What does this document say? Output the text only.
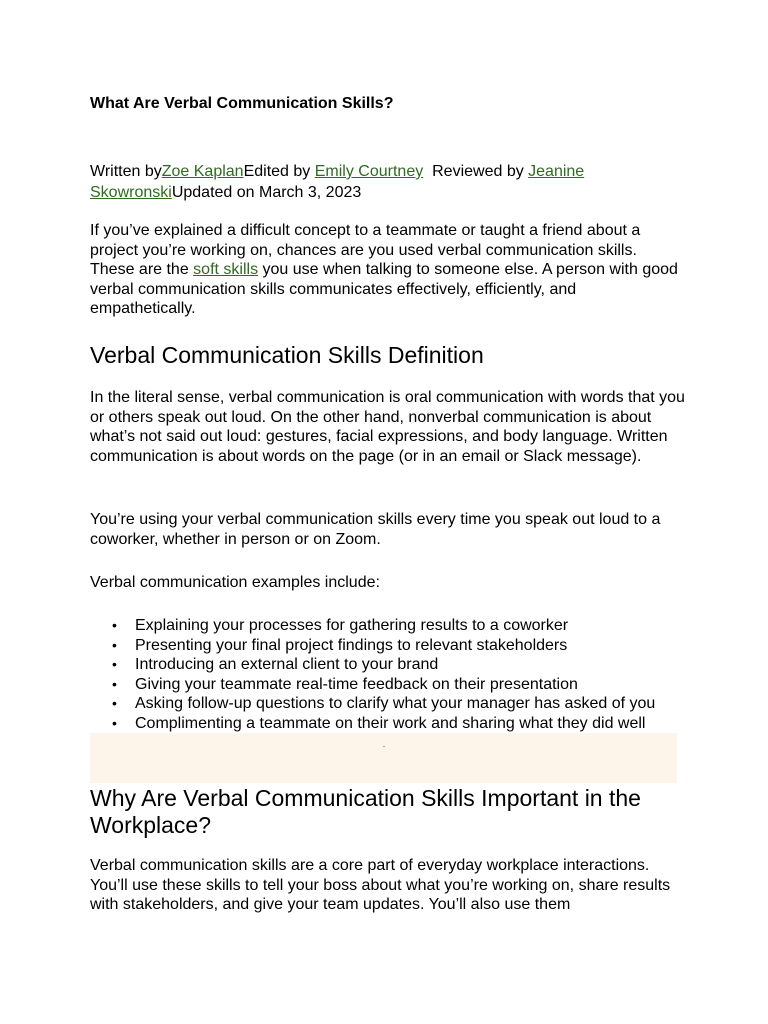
What Are Verbal Communication Skills?

Written byZoe KaplanEdited by Emily Courtney  Reviewed by Jeanine SkowronskiUpdated on March 3, 2023

If you’ve explained a difficult concept to a teammate or taught a friend about a project you’re working on, chances are you used verbal communication skills. These are the soft skills you use when talking to someone else. A person with good verbal communication skills communicates effectively, efficiently, and empathetically.

Verbal Communication Skills Definition

In the literal sense, verbal communication is oral communication with words that you or others speak out loud. On the other hand, nonverbal communication is about what’s not said out loud: gestures, facial expressions, and body language. Written communication is about words on the page (or in an email or Slack message).

You’re using your verbal communication skills every time you speak out loud to a coworker, whether in person or on Zoom.

Verbal communication examples include:

• Explaining your processes for gathering results to a coworker
• Presenting your final project findings to relevant stakeholders
• Introducing an external client to your brand
• Giving your teammate real-time feedback on their presentation
• Asking follow-up questions to clarify what your manager has asked of you
• Complimenting a teammate on their work and sharing what they did well
Why Are Verbal Communication Skills Important in the Workplace?

Verbal communication skills are a core part of everyday workplace interactions. You’ll use these skills to tell your boss about what you’re working on, share results with stakeholders, and give your team updates. You’ll also use them
